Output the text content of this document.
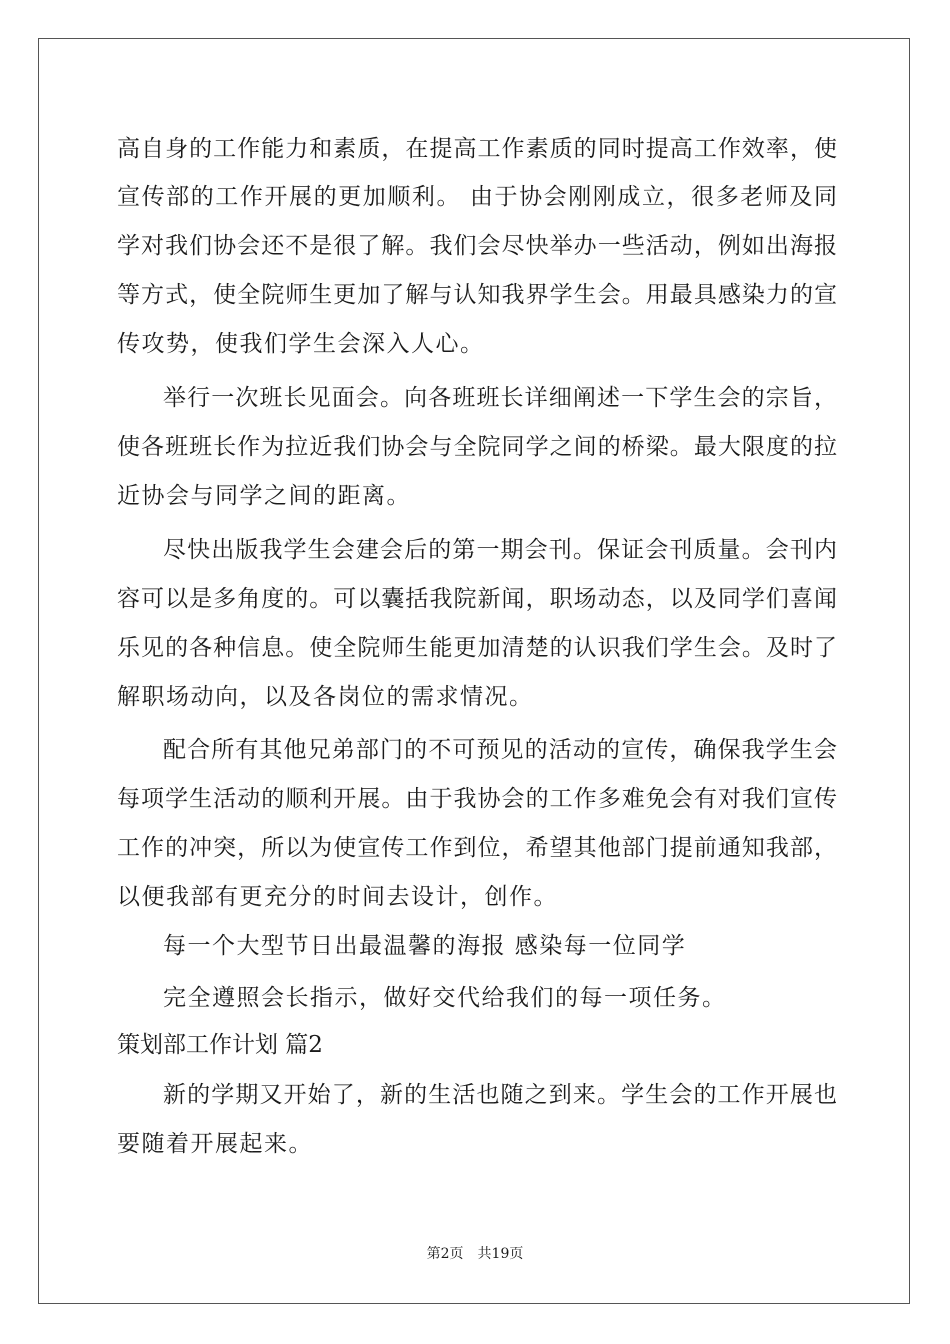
高自身的工作能力和素质，在提高工作素质的同时提高工作效率，使
宣传部的工作开展的更加顺利。 由于协会刚刚成立，很多老师及同
学对我们协会还不是很了解。我们会尽快举办一些活动，例如出海报
等方式，使全院师生更加了解与认知我界学生会。用最具感染力的宣
传攻势，使我们学生会深入人心。
举行一次班长见面会。向各班班长详细阐述一下学生会的宗旨，
使各班班长作为拉近我们协会与全院同学之间的桥梁。最大限度的拉
近协会与同学之间的距离。
尽快出版我学生会建会后的第一期会刊。保证会刊质量。会刊内
容可以是多角度的。可以囊括我院新闻，职场动态，以及同学们喜闻
乐见的各种信息。使全院师生能更加清楚的认识我们学生会。及时了
解职场动向，以及各岗位的需求情况。
配合所有其他兄弟部门的不可预见的活动的宣传，确保我学生会
每项学生活动的顺利开展。由于我协会的工作多难免会有对我们宣传
工作的冲突，所以为使宣传工作到位，希望其他部门提前通知我部，
以便我部有更充分的时间去设计，创作。
每一个大型节日出最温馨的海报 感染每一位同学
完全遵照会长指示，做好交代给我们的每一项任务。
策划部工作计划 篇2
新的学期又开始了，新的生活也随之到来。学生会的工作开展也
要随着开展起来。
第2页　共19页
